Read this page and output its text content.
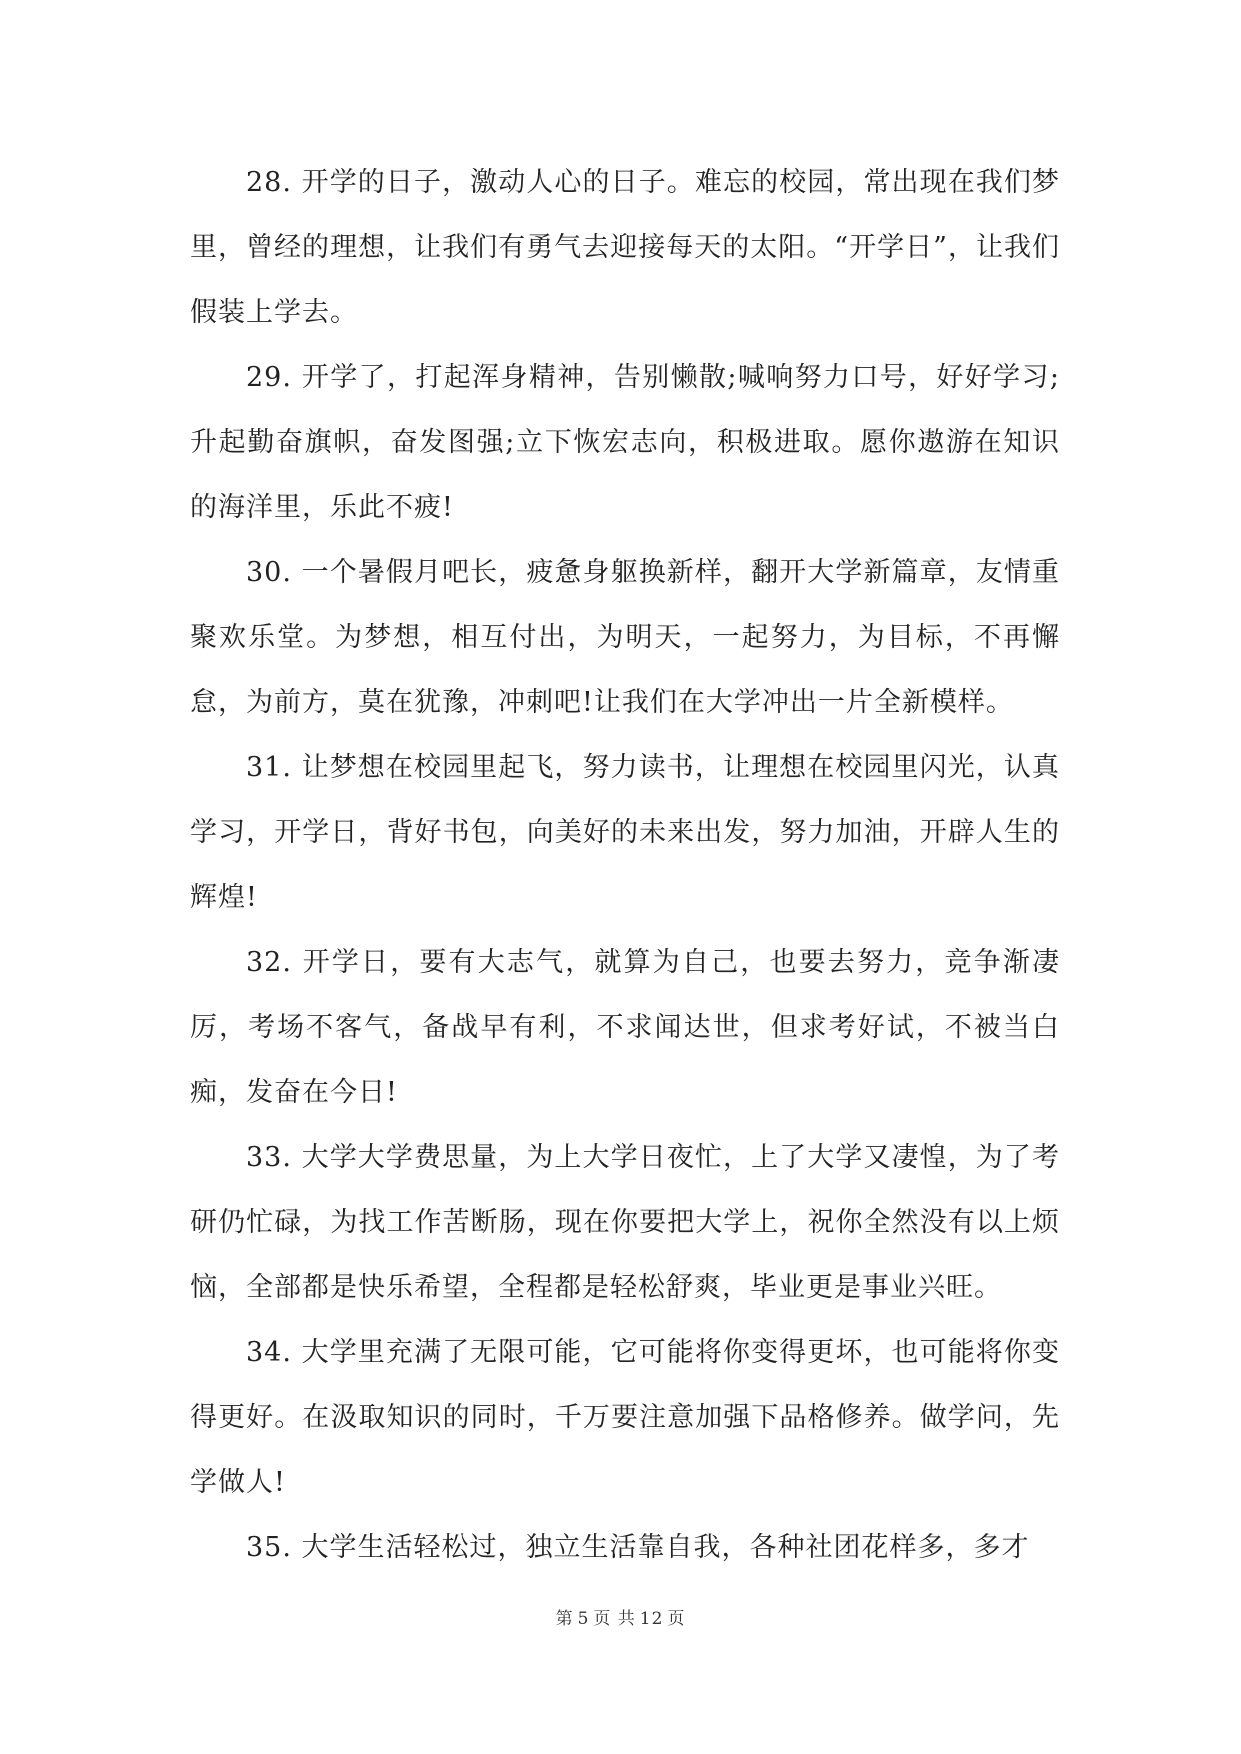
28. 开学的日子，激动人心的日子。难忘的校园，常出现在我们梦里，曾经的理想，让我们有勇气去迎接每天的太阳。“开学日”，让我们假装上学去。

29. 开学了，打起浑身精神，告别懒散;喊响努力口号，好好学习;升起勤奋旗帜，奋发图强;立下恢宏志向，积极进取。愿你遨游在知识的海洋里，乐此不疲!

30. 一个暑假月吧长，疲惫身躯换新样，翻开大学新篇章，友情重聚欢乐堂。为梦想，相互付出，为明天，一起努力，为目标，不再懈怠，为前方，莫在犹豫，冲刺吧!让我们在大学冲出一片全新模样。

31. 让梦想在校园里起飞，努力读书，让理想在校园里闪光，认真学习，开学日，背好书包，向美好的未来出发，努力加油，开辟人生的辉煌!

32. 开学日，要有大志气，就算为自己，也要去努力，竞争渐凄厉，考场不客气，备战早有利，不求闻达世，但求考好试，不被当白痴，发奋在今日!

33. 大学大学费思量，为上大学日夜忙，上了大学又凄惶，为了考研仍忙碌，为找工作苦断肠，现在你要把大学上，祝你全然没有以上烦恼，全部都是快乐希望，全程都是轻松舒爽，毕业更是事业兴旺。

34. 大学里充满了无限可能，它可能将你变得更坏，也可能将你变得更好。在汲取知识的同时，千万要注意加强下品格修养。做学问，先学做人!

35. 大学生活轻松过，独立生活靠自我，各种社团花样多，多才

第 5 页 共 12 页
